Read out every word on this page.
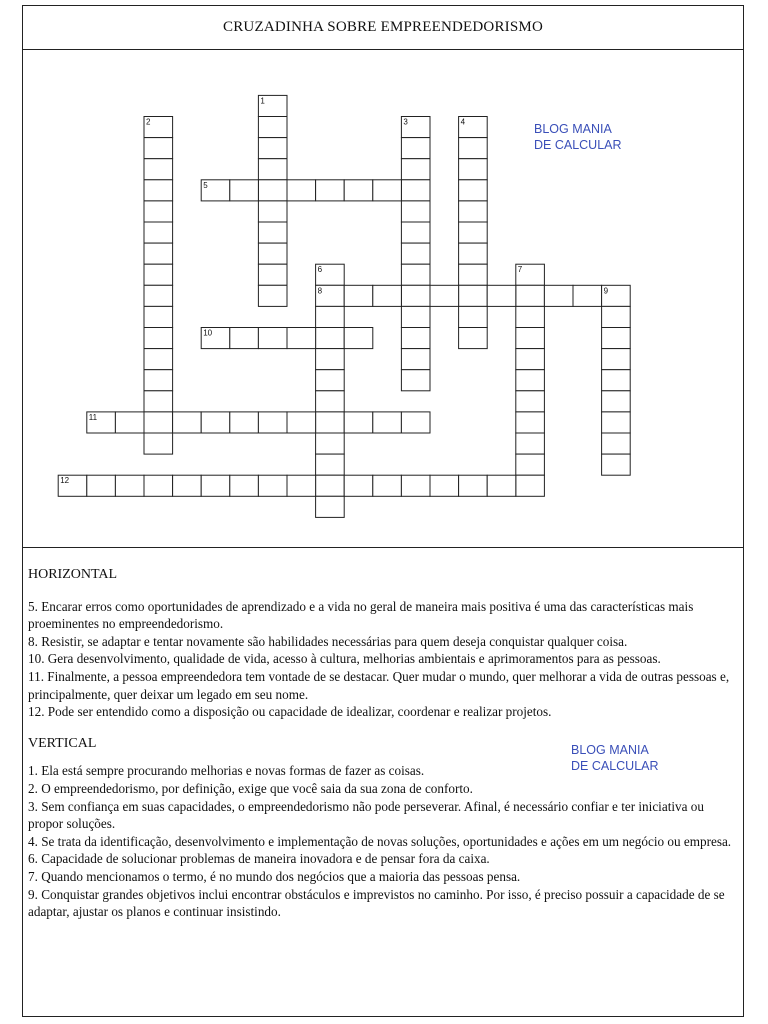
CRUZADINHA SOBRE EMPREENDEDORISMO
1
2	3	4
5
6	7
8	9
10
11
12

HORIZONTAL

5. Encarar erros como oportunidades de aprendizado e a vida no geral de maneira mais positiva é uma das características mais proeminentes no empreendedorismo.

8. Resistir, se adaptar e tentar novamente são habilidades necessárias para quem deseja conquistar qualquer coisa.

10. Gera desenvolvimento, qualidade de vida, acesso à cultura, melhorias ambientais e aprimoramentos para as pessoas.

11. Finalmente, a pessoa empreendedora tem vontade de se destacar. Quer mudar o mundo, quer melhorar a vida de outras pessoas e, principalmente, quer deixar um legado em seu nome.

12. Pode ser entendido como a disposição ou capacidade de idealizar, coordenar e realizar projetos.

VERTICAL

1. Ela está sempre procurando melhorias e novas formas de fazer as coisas.

2. O empreendedorismo, por definição, exige que você saia da sua zona de conforto.

3. Sem confiança em suas capacidades, o empreendedorismo não pode perseverar. Afinal, é necessário confiar e ter iniciativa ou propor soluções.

4. Se trata da identificação, desenvolvimento e implementação de novas soluções, oportunidades e ações em um negócio ou empresa.

6. Capacidade de solucionar problemas de maneira inovadora e de pensar fora da caixa.

7. Quando mencionamos o termo, é no mundo dos negócios que a maioria das pessoas pensa.

9. Conquistar grandes objetivos inclui encontrar obstáculos e imprevistos no caminho. Por isso, é preciso possuir a capacidade de se adaptar, ajustar os planos e continuar insistindo.

BLOG MANIA
DE CALCULAR
BLOG MANIA
DE CALCULAR
